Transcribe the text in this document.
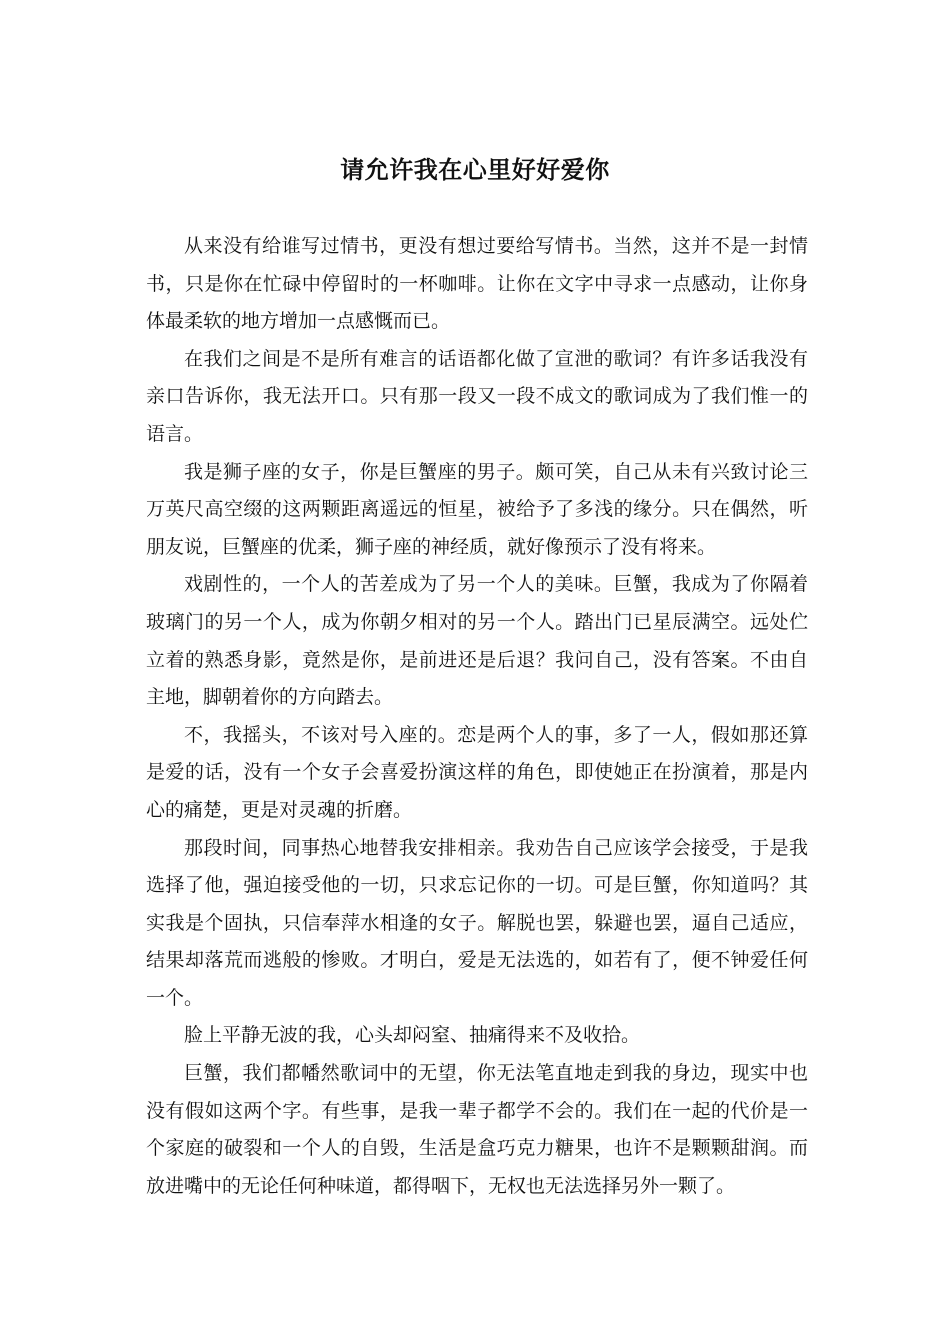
请允许我在心里好好爱你

从来没有给谁写过情书，更没有想过要给写情书。当然，这并不是一封情书，只是你在忙碌中停留时的一杯咖啡。让你在文字中寻求一点感动，让你身体最柔软的地方增加一点感慨而已。

在我们之间是不是所有难言的话语都化做了宣泄的歌词？有许多话我没有亲口告诉你，我无法开口。只有那一段又一段不成文的歌词成为了我们惟一的语言。

我是狮子座的女子，你是巨蟹座的男子。颇可笑，自己从未有兴致讨论三万英尺高空缀的这两颗距离遥远的恒星，被给予了多浅的缘分。只在偶然，听朋友说，巨蟹座的优柔，狮子座的神经质，就好像预示了没有将来。

戏剧性的，一个人的苦差成为了另一个人的美味。巨蟹，我成为了你隔着玻璃门的另一个人，成为你朝夕相对的另一个人。踏出门已星辰满空。远处伫立着的熟悉身影，竟然是你，是前进还是后退？我问自己，没有答案。不由自主地，脚朝着你的方向踏去。

不，我摇头，不该对号入座的。恋是两个人的事，多了一人，假如那还算是爱的话，没有一个女子会喜爱扮演这样的角色，即使她正在扮演着，那是内心的痛楚，更是对灵魂的折磨。

那段时间，同事热心地替我安排相亲。我劝告自己应该学会接受，于是我选择了他，强迫接受他的一切，只求忘记你的一切。可是巨蟹，你知道吗？其实我是个固执，只信奉萍水相逢的女子。解脱也罢，躲避也罢，逼自己适应，结果却落荒而逃般的惨败。才明白，爱是无法选的，如若有了，便不钟爱任何一个。

脸上平静无波的我，心头却闷窒、抽痛得来不及收拾。

巨蟹，我们都幡然歌词中的无望，你无法笔直地走到我的身边，现实中也没有假如这两个字。有些事，是我一辈子都学不会的。我们在一起的代价是一个家庭的破裂和一个人的自毁，生活是盒巧克力糖果，也许不是颗颗甜润。而放进嘴中的无论任何种味道，都得咽下，无权也无法选择另外一颗了。
